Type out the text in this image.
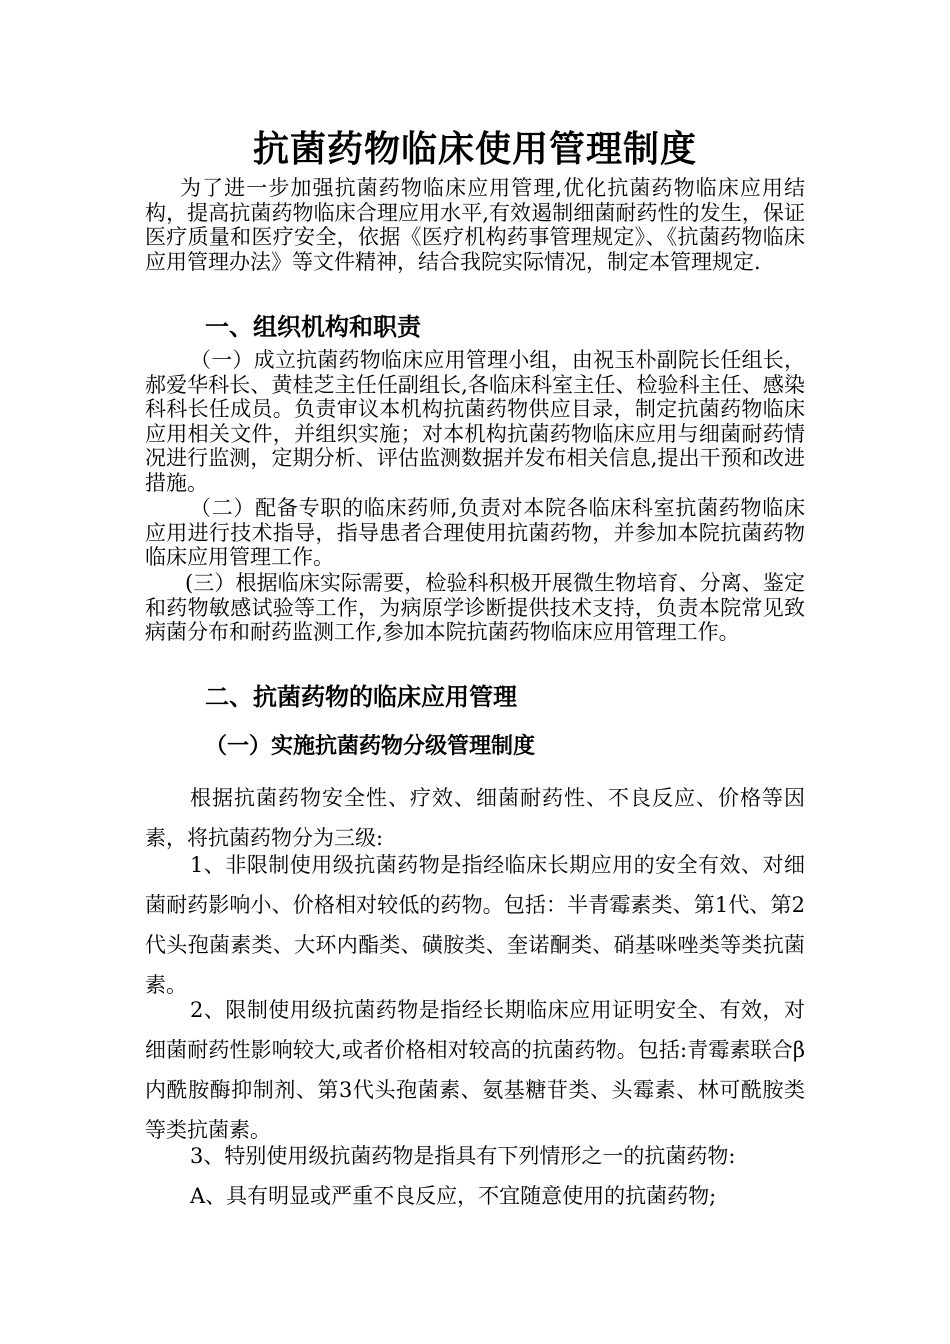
抗菌药物临床使用管理制度
为了进一步加强抗菌药物临床应用管理,优化抗菌药物临床应用结构，提高抗菌药物临床合理应用水平,有效遏制细菌耐药性的发生，保证医疗质量和医疗安全，依据《医疗机构药事管理规定》、《抗菌药物临床应用管理办法》等文件精神，结合我院实际情况，制定本管理规定.
一、组织机构和职责
（一）成立抗菌药物临床应用管理小组，由祝玉朴副院长任组长，郝爱华科长、黄桂芝主任任副组长,各临床科室主任、检验科主任、感染科科长任成员。负责审议本机构抗菌药物供应目录，制定抗菌药物临床应用相关文件，并组织实施；对本机构抗菌药物临床应用与细菌耐药情况进行监测，定期分析、评估监测数据并发布相关信息,提出干预和改进措施。
（二）配备专职的临床药师,负责对本院各临床科室抗菌药物临床应用进行技术指导，指导患者合理使用抗菌药物，并参加本院抗菌药物临床应用管理工作。
(三）根据临床实际需要，检验科积极开展微生物培育、分离、鉴定和药物敏感试验等工作，为病原学诊断提供技术支持，负责本院常见致病菌分布和耐药监测工作,参加本院抗菌药物临床应用管理工作。
二、抗菌药物的临床应用管理
（一）实施抗菌药物分级管理制度
根据抗菌药物安全性、疗效、细菌耐药性、不良反应、价格等因素，将抗菌药物分为三级:
1、非限制使用级抗菌药物是指经临床长期应用的安全有效、对细菌耐药影响小、价格相对较低的药物。包括：半青霉素类、第1代、第2代头孢菌素类、大环内酯类、磺胺类、奎诺酮类、硝基咪唑类等类抗菌素。
2、限制使用级抗菌药物是指经长期临床应用证明安全、有效，对细菌耐药性影响较大,或者价格相对较高的抗菌药物。包括:青霉素联合β内酰胺酶抑制剂、第3代头孢菌素、氨基糖苷类、头霉素、林可酰胺类等类抗菌素。
3、特别使用级抗菌药物是指具有下列情形之一的抗菌药物:
A、具有明显或严重不良反应，不宜随意使用的抗菌药物;
